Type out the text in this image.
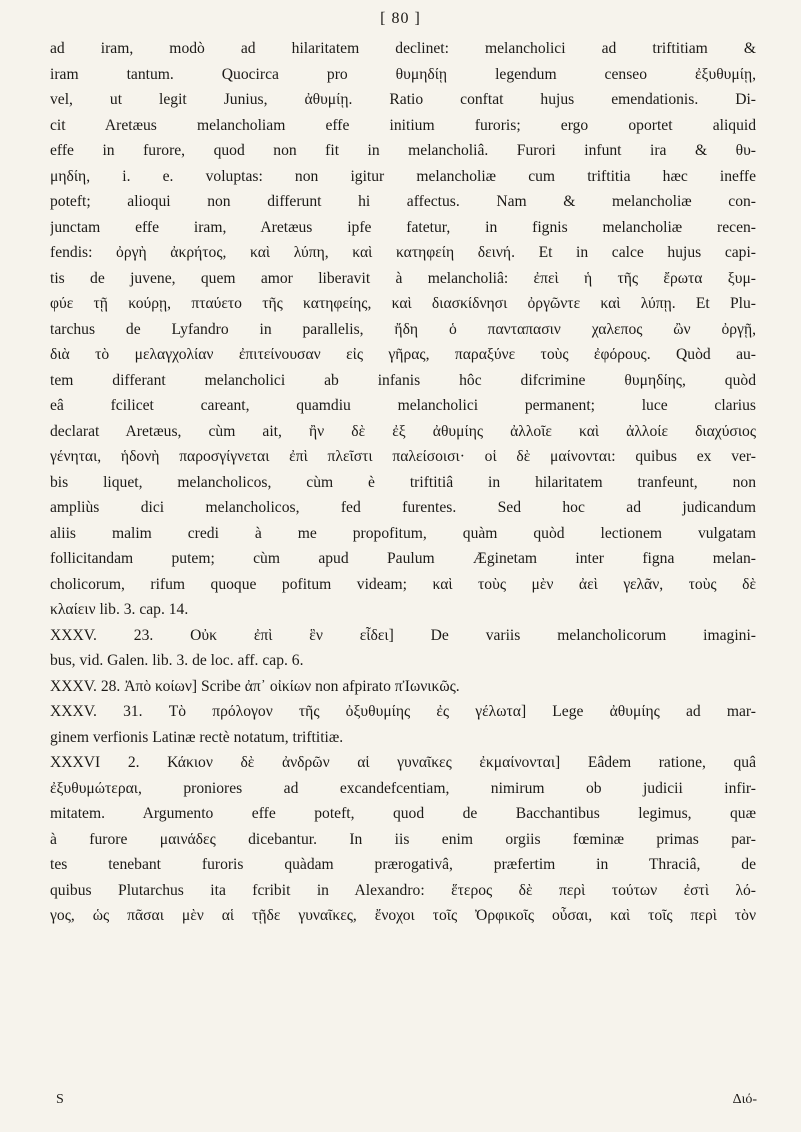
[ 80 ]
ad iram, modò ad hilaritatem declinet: melancholici ad triftitiam &
iram tantum. Quocirca pro θυμηδίῃ legendum censeo ἐξυθυμίῃ,
vel, ut legit Junius, ἀθυμίῃ. Ratio conftat hujus emendationis. Di-
cit Aretæus melancholiam effe initium furoris; ergo oportet aliquid
effe in furore, quod non fit in melancholiâ. Furori infunt ira & θυ-
μηδίη, i. e. voluptas: non igitur melancholiæ cum triftitia hæc ineffe
poteft; alioqui non differunt hi affectus. Nam & melancholiæ con-
junctam effe iram, Aretæus ipfe fatetur, in fignis melancholiæ recen-
fendis: ὀργὴ ἀκρήτος, καὶ λύπη, καὶ κατηφείη δεινή. Et in calce hujus capi-
tis de juvene, quem amor liberavit à melancholiâ: ἐπεὶ ἡ τῆς ἔρωτα ξυμ-
φύε τῇ κούρῃ, πταύετο τῆς κατηφείης, καὶ διασκίδνησι ὀργῶντε καὶ λύπῃ. Et Plu-
tarchus de Lyfandro in parallelis, ἤδη ὁ πανταπασιν χαλεπος ὢν ὀργῇ,
διὰ τὸ μελαγχολίαν ἐπιτείνουσαν εἰς γῆρας, παραξύνε τοὺς ἐφόρους. Quòd au-
tem differant melancholici ab infanis hôc difcrimine θυμηδίης, quòd
eâ fcilicet careant, quamdiu melancholici permanent; luce clarius
declarat Aretæus, cùm ait, ἢν δὲ ἐξ ἀθυμίης ἀλλοῖε καὶ ἀλλοίε διαχύσιος
γένηται, ἡδονὴ παροσγίγνεται ἐπὶ πλεῖστι παλείσοισι· οἱ δὲ μαίνονται: quibus ex ver-
bis liquet, melancholicos, cùm è triftitiâ in hilaritatem tranfeunt, non
ampliùs dici melancholicos, fed furentes. Sed hoc ad judicandum
aliis malim credi à me propofitum, quàm quòd lectionem vulgatam
follicitandam putem; cùm apud Paulum Æginetam inter figna melan-
cholicorum, rifum quoque pofitum videam; καὶ τοὺς μὲν ἀεὶ γελᾶν, τοὺς δὲ
κλαίειν lib. 3. cap. 14.
XXXV. 23. Οὐκ ἐπὶ ἓν εἶδει] De variis melancholicorum imagini-
bus, vid. Galen. lib. 3. de loc. aff. cap. 6.
XXXV. 28. Ἀπὸ κοίων] Scribe ἀπ᾽ οἰκίων non afpirato πἸωνικῶς.
XXXV. 31. Τὸ πρόλογον τῆς ὀξυθυμίης ἐς γέλωτα] Lege ἀθυμίης ad mar-
ginem verfionis Latinæ rectè notatum, triftitiæ.
XXXVI 2. Κάκιον δὲ ἀνδρῶν αἱ γυναῖκες ἐκμαίνονται] Eâdem ratione, quâ
ἐξυθυμώτεραι, proniores ad excandefcentiam, nimirum ob judicii infir-
mitatem. Argumento effe poteft, quod de Bacchantibus legimus, quæ
à furore μαινάδες dicebantur. In iis enim orgiis fœminæ primas par-
tes tenebant furoris quàdam prærogativâ, præfertim in Thraciâ, de
quibus Plutarchus ita fcribit in Alexandro: ἕτερος δὲ περὶ τούτων ἐστὶ λό-
γος, ὡς πᾶσαι μὲν αἱ τῇδε γυναῖκες, ἔνοχοι τοῖς Ὀρφικοῖς οὖσαι, καὶ τοῖς περὶ τὸν
S	Διό-
